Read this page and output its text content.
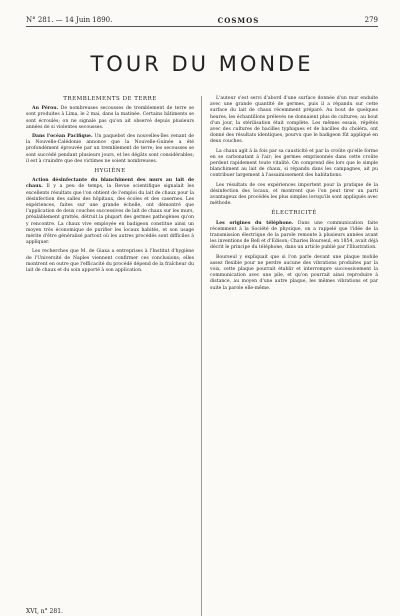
N° 281. — 14 Juin 1890.	COSMOS	279
TOUR DU MONDE
TREMBLEMENTS DE TERRE

Au Pérou. De nombreuses secousses de tremblement de terre se sont produites à Lima, le 2 mai, dans la matinée. Certains bâtiments se sont écroulés; on ne signale pas qu'on ait observé depuis plusieurs années de si violentes secousses.

Dans l'océan Pacifique. Un paquebot des nouvelles-îles venant de la Nouvelle-Calédonie annonce que la Nouvelle-Guinée a été profondément éprouvée par un tremblement de terre; les secousses se sont succédé pendant plusieurs jours, et les dégâts sont considérables; il est à craindre que des victimes ne soient nombreuses.

HYGIÈNE

Action désinfectante du blanchiment des murs au lait de chaux. Il y a peu de temps, la Revue scientifique signalait les excellents résultats que l'on obtient de l'emploi du lait de chaux pour la désinfection des salles des hôpitaux, des écoles et des casernes. Les expériences, faites sur une grande échelle, ont démontré que l'application de deux couches successives de lait de chaux sur les murs, préalablement grattés, détruit la plupart des germes pathogènes qu'on y rencontre. La chaux vive employée en badigeon constitue ainsi un moyen très économique de purifier les locaux habités, et son usage mérite d'être généralisé partout où les autres procédés sont difficiles à appliquer.

Les recherches que M. de Giaxa a entreprises à l'Institut d'hygiène de l'Université de Naples viennent confirmer ces conclusions; elles montrent en outre que l'efficacité du procédé dépend de la fraîcheur du lait de chaux et du soin apporté à son application.

L'auteur s'est servi d'abord d'une surface donnée d'un mur enduite avec une grande quantité de germes, puis il a répandu sur cette surface du lait de chaux récemment préparé. Au bout de quelques heures, les échantillons prélevés ne donnaient plus de cultures; au bout d'un jour, la stérilisation était complète. Les mêmes essais, répétés avec des cultures de bacilles typhiques et de bacilles du choléra, ont donné des résultats identiques, pourvu que le badigeon fût appliqué en deux couches.

La chaux agit à la fois par sa causticité et par la croûte qu'elle forme en se carbonatant à l'air; les germes emprisonnés dans cette croûte perdent rapidement toute vitalité. On comprend dès lors que le simple blanchiment au lait de chaux, si répandu dans les campagnes, ait pu contribuer largement à l'assainissement des habitations.

Les résultats de ces expériences importent pour la pratique de la désinfection des locaux, et montrent que l'on peut tirer un parti avantageux des procédés les plus simples lorsqu'ils sont appliqués avec méthode.

ÉLECTRICITÉ

Les origines du téléphone. Dans une communication faite récemment à la Société de physique, on a rappelé que l'idée de la transmission électrique de la parole remonte à plusieurs années avant les inventions de Bell et d'Edison; Charles Bourseul, en 1854, avait déjà décrit le principe du téléphone, dans un article publié par l'Illustration.

Bourseul y expliquait que si l'on parle devant une plaque mobile assez flexible pour ne perdre aucune des vibrations produites par la voix, cette plaque pourrait établir et interrompre successivement la communication avec une pile, et qu'on pourrait ainsi reproduire à distance, au moyen d'une autre plaque, les mêmes vibrations et par suite la parole elle-même.

XVI, n° 281.
